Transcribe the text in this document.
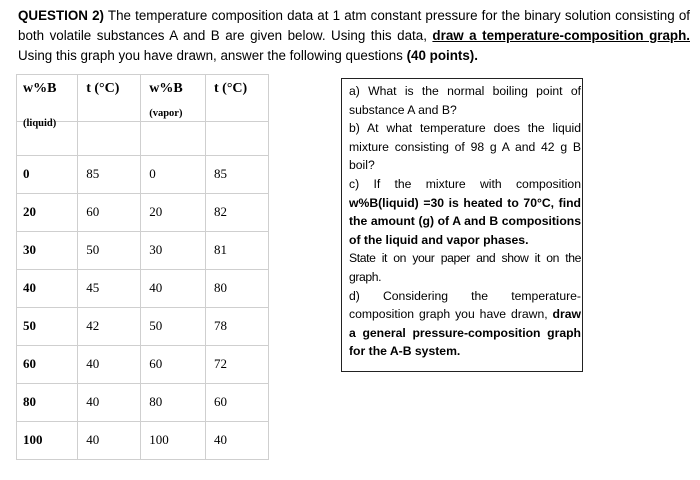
QUESTION 2) The temperature composition data at 1 atm constant pressure for the binary solution consisting of both volatile substances A and B are given below. Using this data, draw a temperature-composition graph. Using this graph you have drawn, answer the following questions (40 points).
w%B	t (°C)	w%B	t (°C)

(liquid)		(vapor)	

0	85	0	85

20	60	20	82

30	50	30	81

40	45	40	80

50	42	50	78

60	40	60	72

80	40	80	60

100	40	100	40

a) What is the normal boiling point of substance A and B?

b) At what temperature does the liquid mixture consisting of 98 g A and 42 g B boil?

c) If the mixture with composition w%B(liquid) =30 is heated to 70°C, find the amount (g) of A and B compositions of the liquid and vapor phases.

State it on your paper and show it on the graph.

d) Considering the temperature-composition graph you have drawn, draw a general pressure-composition graph for the A-B system.
